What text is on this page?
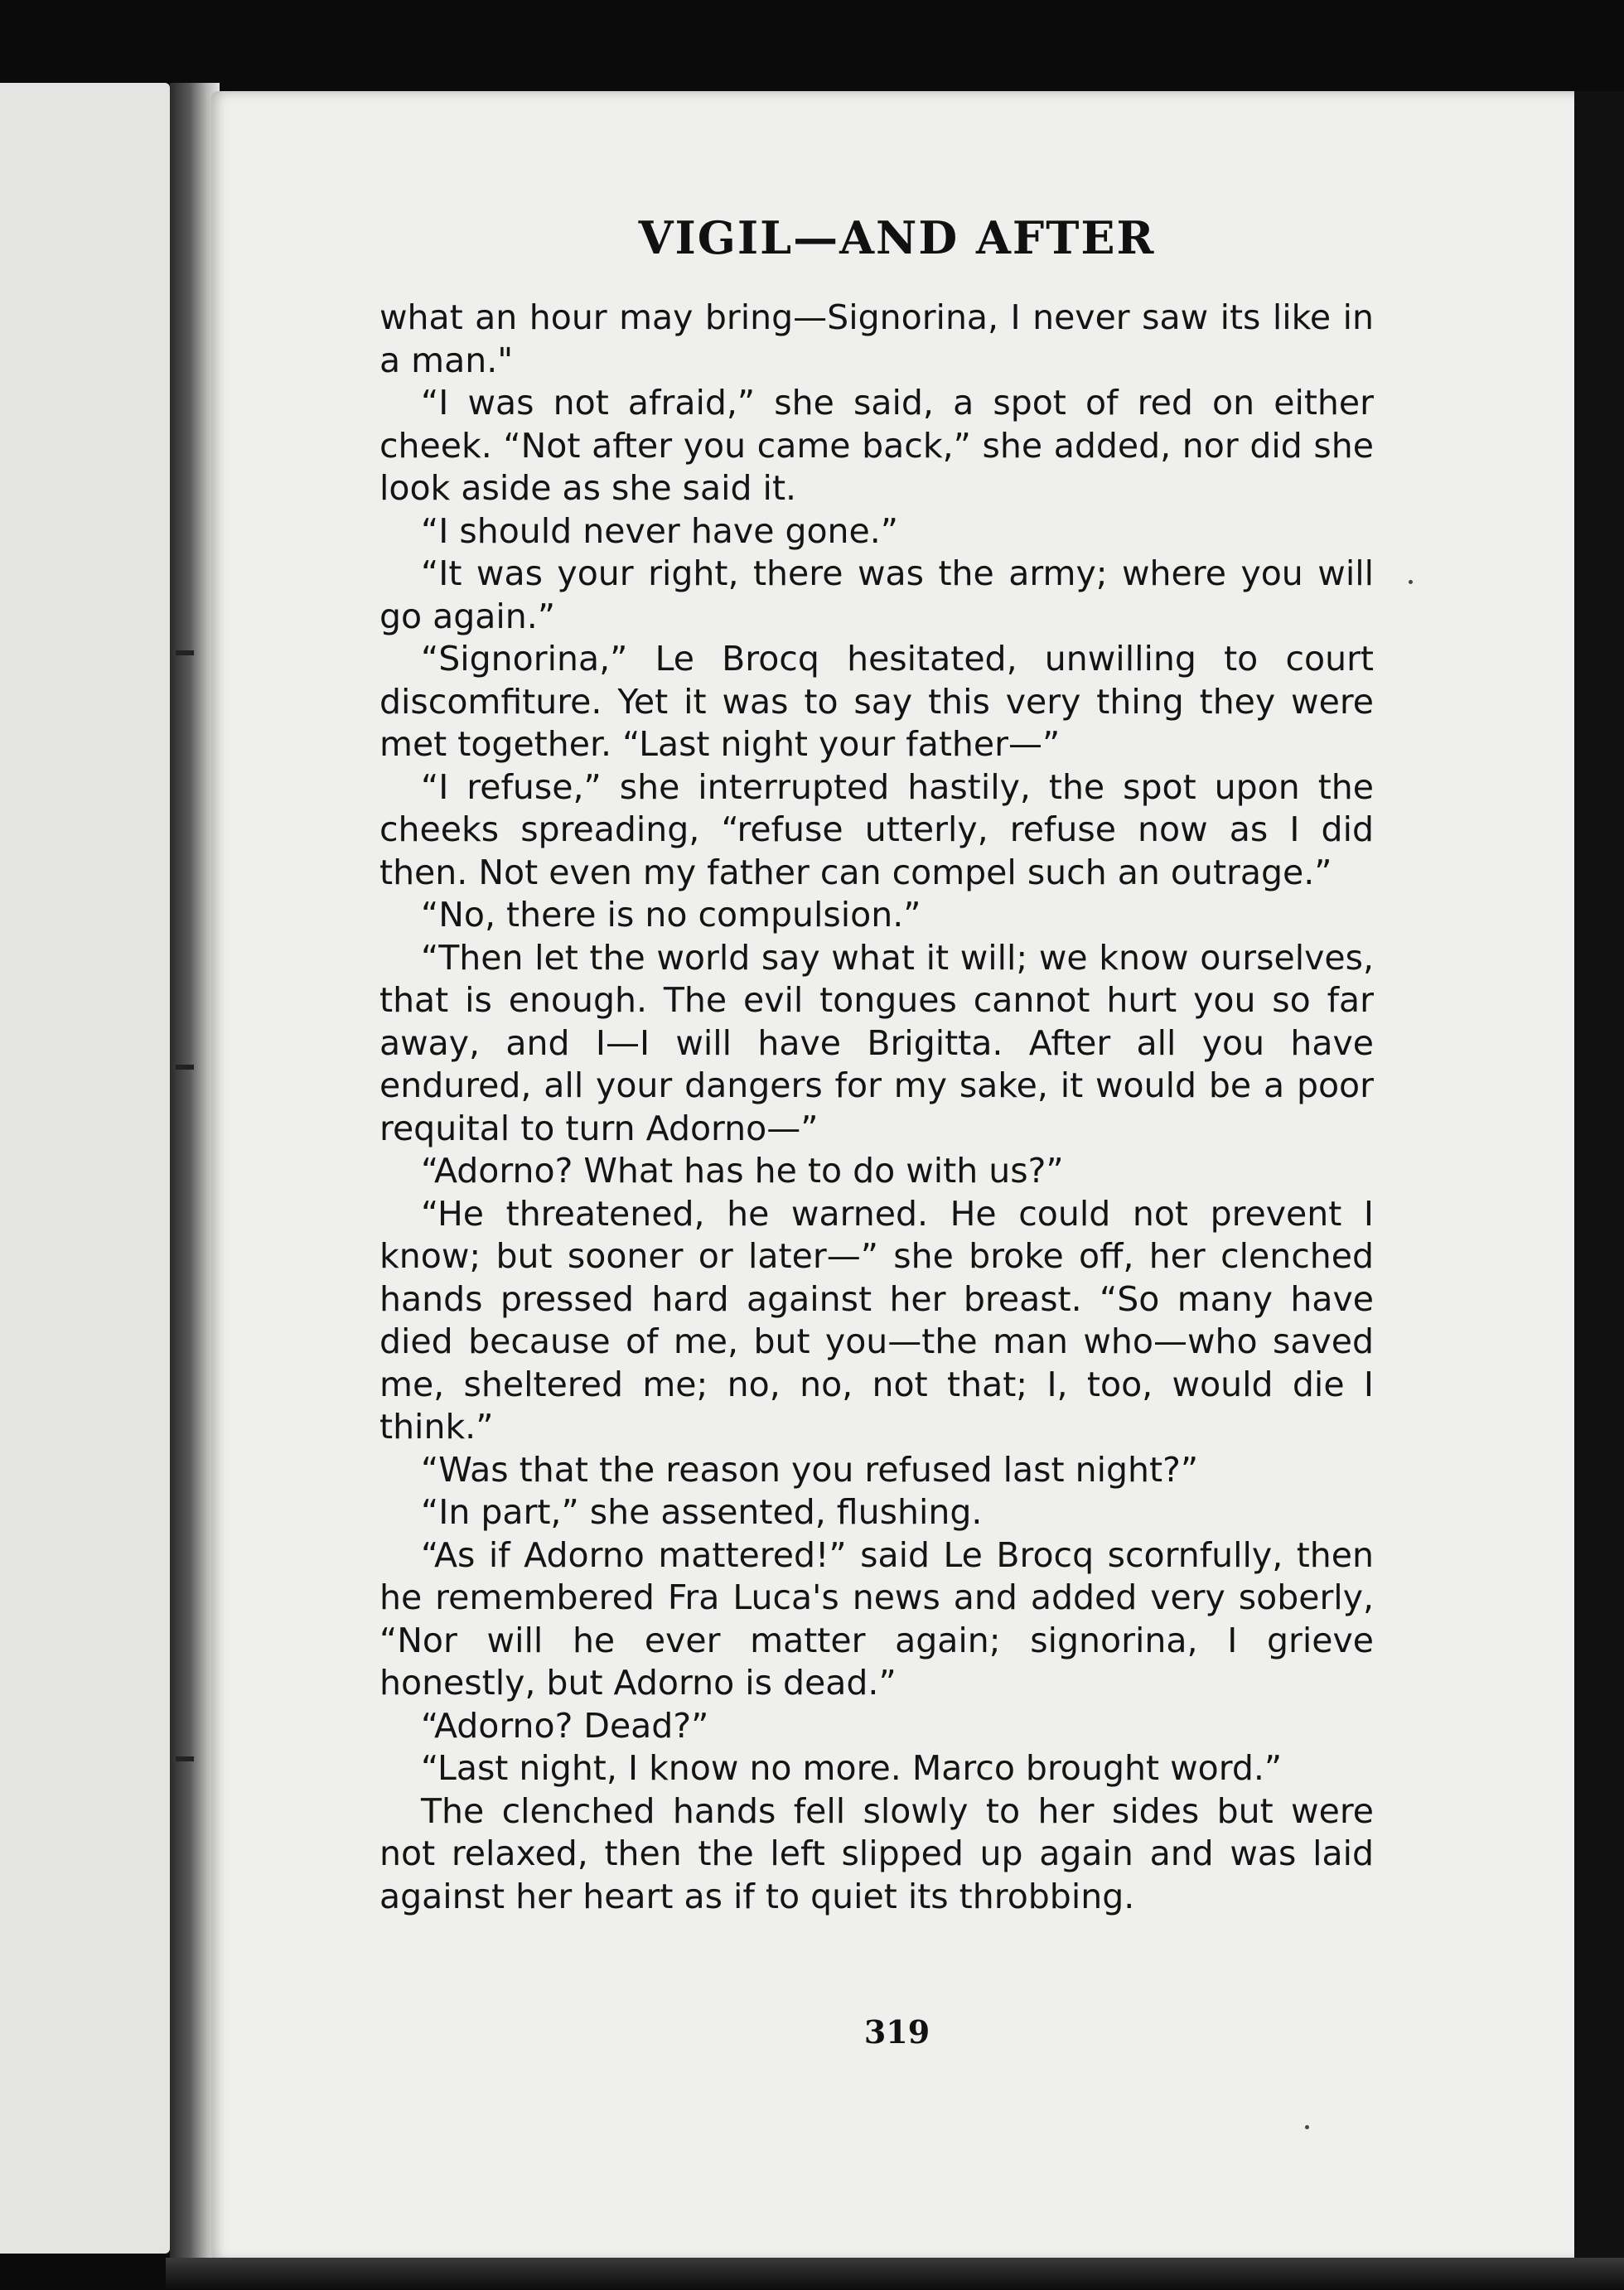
VIGIL—AND AFTER

what an hour may bring—Signorina, I never saw its like in a man."

“I was not afraid,” she said, a spot of red on either cheek. “Not after you came back,” she added, nor did she look aside as she said it.

“I should never have gone.”

“It was your right, there was the army; where you will go again.”

“Signorina,” Le Brocq hesitated, unwilling to court discomfiture. Yet it was to say this very thing they were met together. “Last night your father—”

“I refuse,” she interrupted hastily, the spot upon the cheeks spreading, “refuse utterly, refuse now as I did then. Not even my father can compel such an outrage.”

“No, there is no compulsion.”

“Then let the world say what it will; we know ourselves, that is enough. The evil tongues cannot hurt you so far away, and I—I will have Brigitta. After all you have endured, all your dangers for my sake, it would be a poor requital to turn Adorno—”

“Adorno? What has he to do with us?”

“He threatened, he warned. He could not prevent I know; but sooner or later—” she broke off, her clenched hands pressed hard against her breast. “So many have died because of me, but you—the man who—who saved me, sheltered me; no, no, not that; I, too, would die I think.”

“Was that the reason you refused last night?”

“In part,” she assented, flushing.

“As if Adorno mattered!” said Le Brocq scornfully, then he remembered Fra Luca's news and added very soberly, “Nor will he ever matter again; signorina, I grieve honestly, but Adorno is dead.”

“Adorno? Dead?”

“Last night, I know no more. Marco brought word.”

The clenched hands fell slowly to her sides but were not relaxed, then the left slipped up again and was laid against her heart as if to quiet its throbbing.

319
